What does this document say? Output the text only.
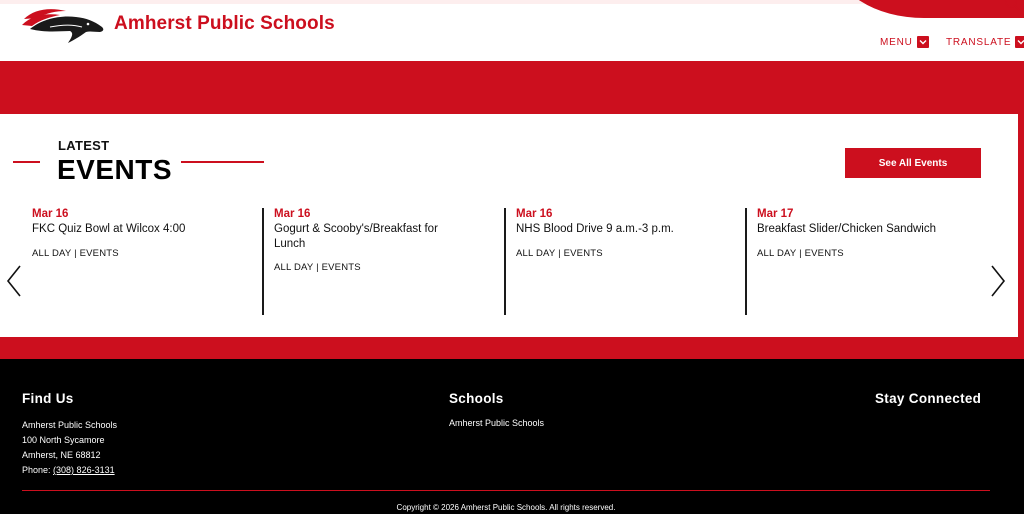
Amherst Public Schools
MENU	TRANSLATE
LATEST
EVENTS	See All Events
Mar 16
FKC Quiz Bowl at Wilcox 4:00
ALL DAY | EVENTS
Mar 16
Gogurt & Scooby's/Breakfast for Lunch
ALL DAY | EVENTS
Mar 16
NHS Blood Drive 9 a.m.-3 p.m.
ALL DAY | EVENTS
Mar 17
Breakfast Slider/Chicken Sandwich
ALL DAY | EVENTS
Find Us
Amherst Public Schools
100 North Sycamore
Amherst, NE 68812
Phone: (308) 826-3131
Schools
Amherst Public Schools
Stay Connected
Copyright © 2026 Amherst Public Schools. All rights reserved.
